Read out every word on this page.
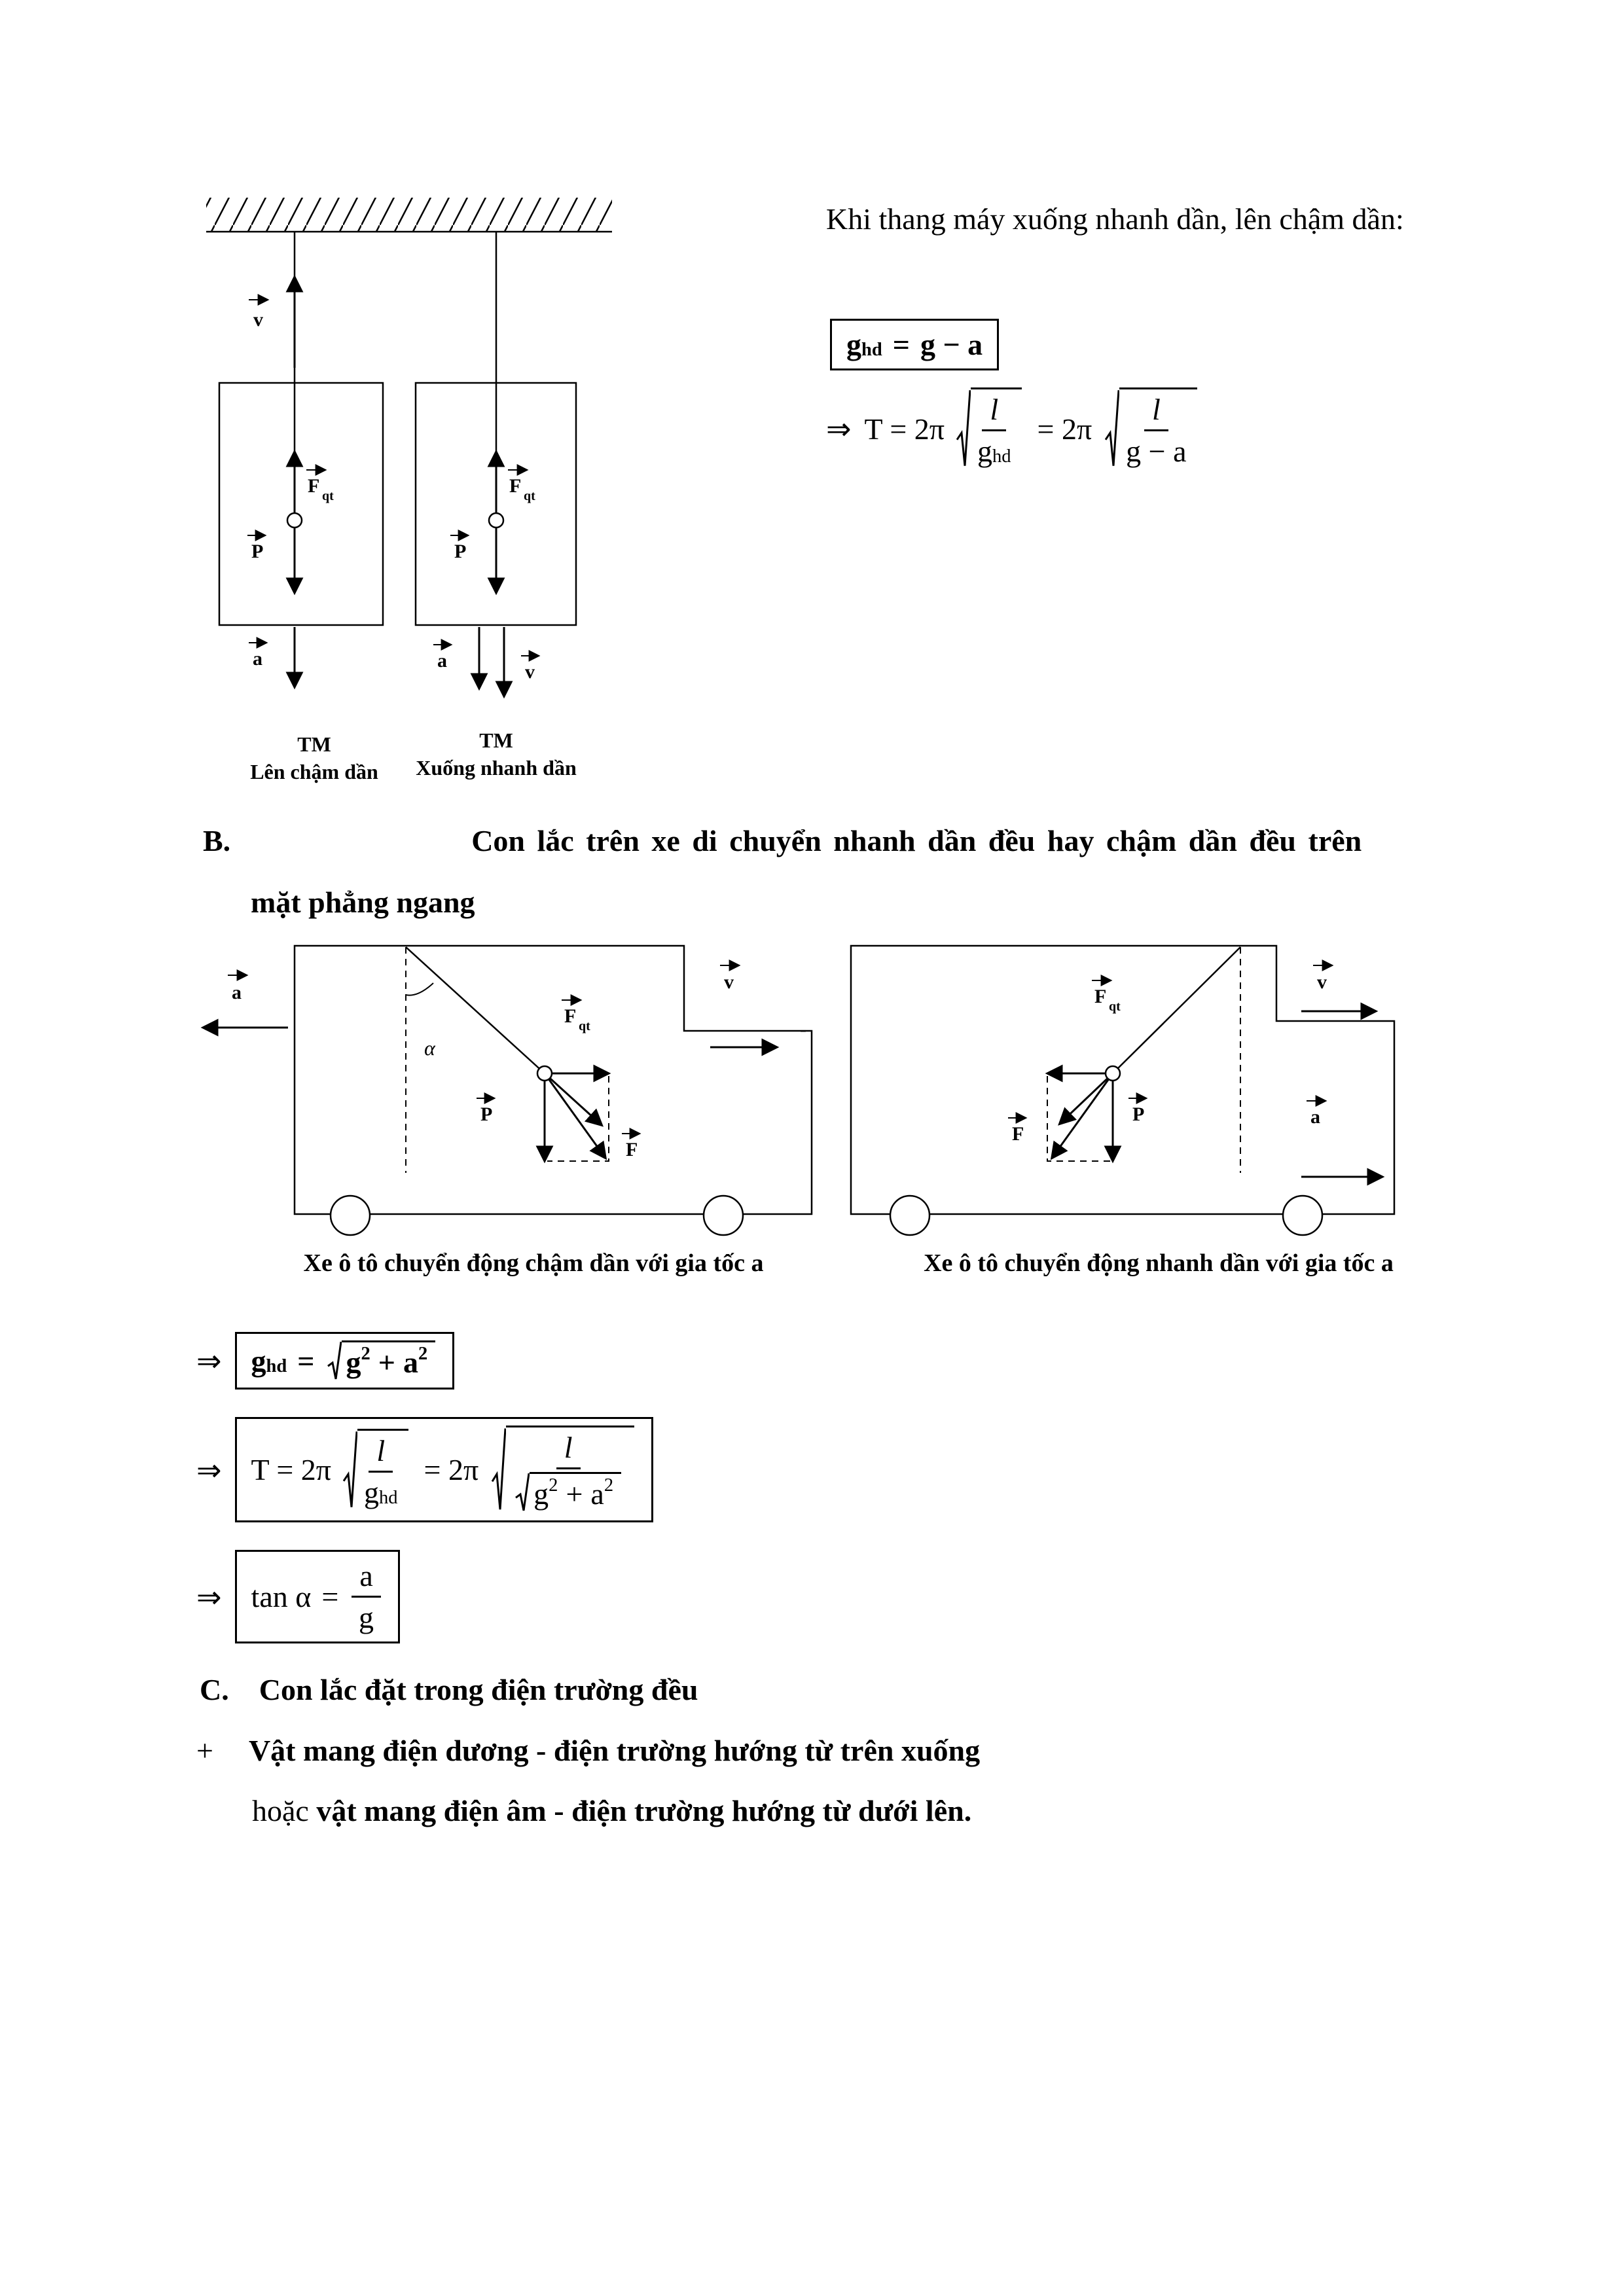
Khi thang máy xuống nhanh dần, lên chậm dần:
g hd = g − a
⇒ $T = 2\pi \frac{l}{\text{g hd}} = 2\pi \frac{l}{g - a}$
v
F qt
P
a
TM
Lên chậm dần
F qt
P
a
v
TM
Xuống nhanh dần
B.	Con lắc trên xe di chuyển nhanh dần đều hay chậm dần đều trên
mặt phẳng ngang
a	v
-
α
F qt
P
F
Xe ô tô chuyển động chậm dần với gia tốc a
F qt
P
F
v
a
Xe ô tô chuyển động nhanh dần với gia tốc a
⇒ g hd = g 2 + a 2
⇒ $T = 2\pi \frac{l}{\text{g hd}} = 2\pi \frac{l}{g 2 + a 2}$
⇒ $\tan \alpha = \frac{a}{g}$
C. Con lắc đặt trong điện trường đều
+ Vật mang điện dương - điện trường hướng từ trên xuống
hoặc vật mang điện âm - điện trường hướng từ dưới lên.
